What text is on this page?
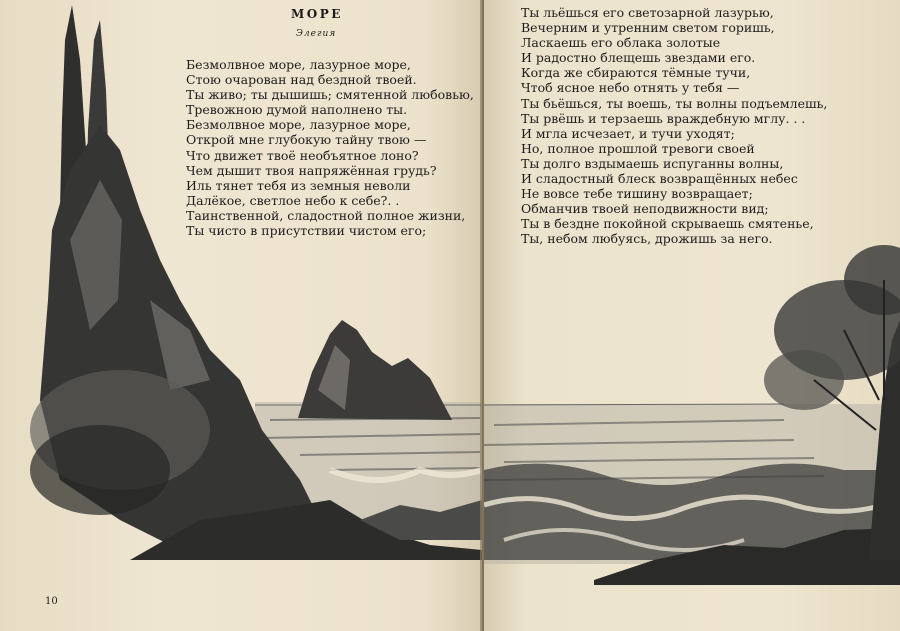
МОРЕ
Элегия
Безмолвное море, лазурное море,
Стою очарован над бездной твоей.
Ты живо; ты дышишь; смятенной любовью,
Тревожною думой наполнено ты.
Безмолвное море, лазурное море,
Открой мне глубокую тайну твою —
Что движет твоё необъятное лоно?
Чем дышит твоя напряжённая грудь?
Иль тянет тебя из земныя неволи
Далёкое, светлое небо к себе?. .
Таинственной, сладостной полное жизни,
Ты чисто в присутствии чистом его;
10
Ты льёшься его светозарной лазурью,
Вечерним и утренним светом горишь,
Ласкаешь его облака золотые
И радостно блещешь звездами его.
Когда же сбираются тёмные тучи,
Чтоб ясное небо отнять у тебя —
Ты бьёшься, ты воешь, ты волны подъемлешь,
Ты рвёшь и терзаешь враждебную мглу. . .
И мгла исчезает, и тучи уходят;
Но, полное прошлой тревоги своей
Ты долго вздымаешь испуганны волны,
И сладостный блеск возвращённых небес
Не вовсе тебе тишину возвращает;
Обманчив твоей неподвижности вид;
Ты в бездне покойной скрываешь смятенье,
Ты, небом любуясь, дрожишь за него.
